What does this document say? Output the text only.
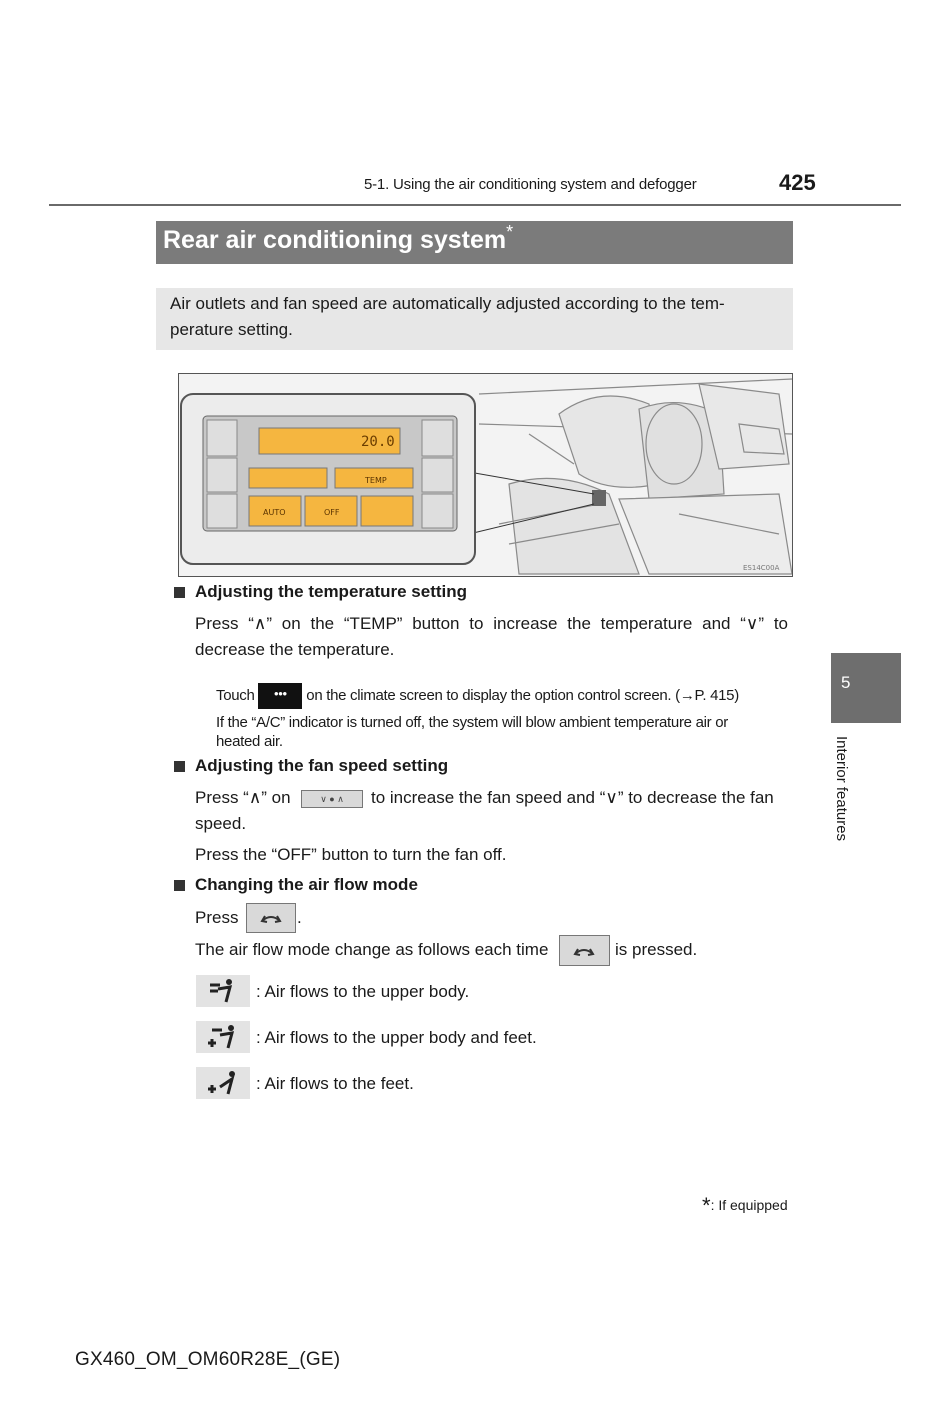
5-1. Using the air conditioning system and defogger	425
Rear air conditioning system*
Air outlets and fan speed are automatically adjusted according to the tem-
perature setting.
20.0
TEMP
AUTO	OFF
ES14C00A
Adjusting the temperature setting
Press “∧” on the “TEMP” button to increase the temperature and “∨” to
decrease the temperature.
Touch ••• on the climate screen to display the option control screen. (→P. 415)
If the “A/C” indicator is turned off, the system will blow ambient temperature air or
heated air.
Adjusting the fan speed setting
Press “∧” on	∨ ● ∧	to increase the fan speed and “∨” to decrease the fan
speed.
Press the “OFF” button to turn the fan off.
Changing the air flow mode
Press	.
The air flow mode change as follows each time	is pressed.
: Air flows to the upper body.
: Air flows to the upper body and feet.
: Air flows to the feet.
*: If equipped
5
Interior features
GX460_OM_OM60R28E_(GE)
